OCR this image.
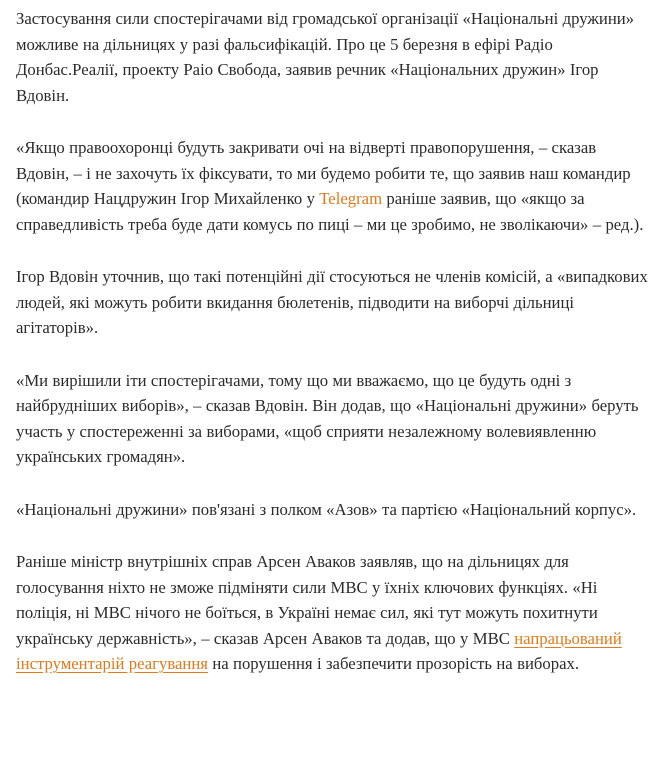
Застосування сили спостерігачами від громадської організації «Національні дружини» можливе на дільницях у разі фальсифікацій. Про це 5 березня в ефірі Радіо Донбас.Реалії, проекту Раіо Свобода, заявив речник «Національних дружин» Ігор Вдовін.

«Якщо правоохоронці будуть закривати очі на відверті правопорушення, – сказав Вдовін, – і не захочуть їх фіксувати, то ми будемо робити те, що заявив наш командир (командир Нацдружин Ігор Михайленко у Telegram раніше заявив, що «якщо за справедливість треба буде дати комусь по пиці – ми це зробимо, не зволікаючи» – ред.).

Ігор Вдовін уточнив, що такі потенційні дії стосуються не членів комісій, а «випадкових людей, які можуть робити вкидання бюлетенів, підводити на виборчі дільниці агітаторів».

«Ми вирішили іти спостерігачами, тому що ми вважаємо, що це будуть одні з найбрудніших виборів», – сказав Вдовін. Він додав, що «Національні дружини» беруть участь у спостереженні за виборами, «щоб сприяти незалежному волевиявленню українських громадян».

«Національні дружини» пов'язані з полком «Азов» та партією «Національний корпус».

Раніше міністр внутрішніх справ Арсен Аваков заявляв, що на дільницях для голосування ніхто не зможе підміняти сили МВС у їхніх ключових функціях. «Ні поліція, ні МВС нічого не боїться, в Україні немає сил, які тут можуть похитнути українську державність», – сказав Арсен Аваков та додав, що у МВС напрацьований інструментарій реагування на порушення і забезпечити прозорість на виборах.
